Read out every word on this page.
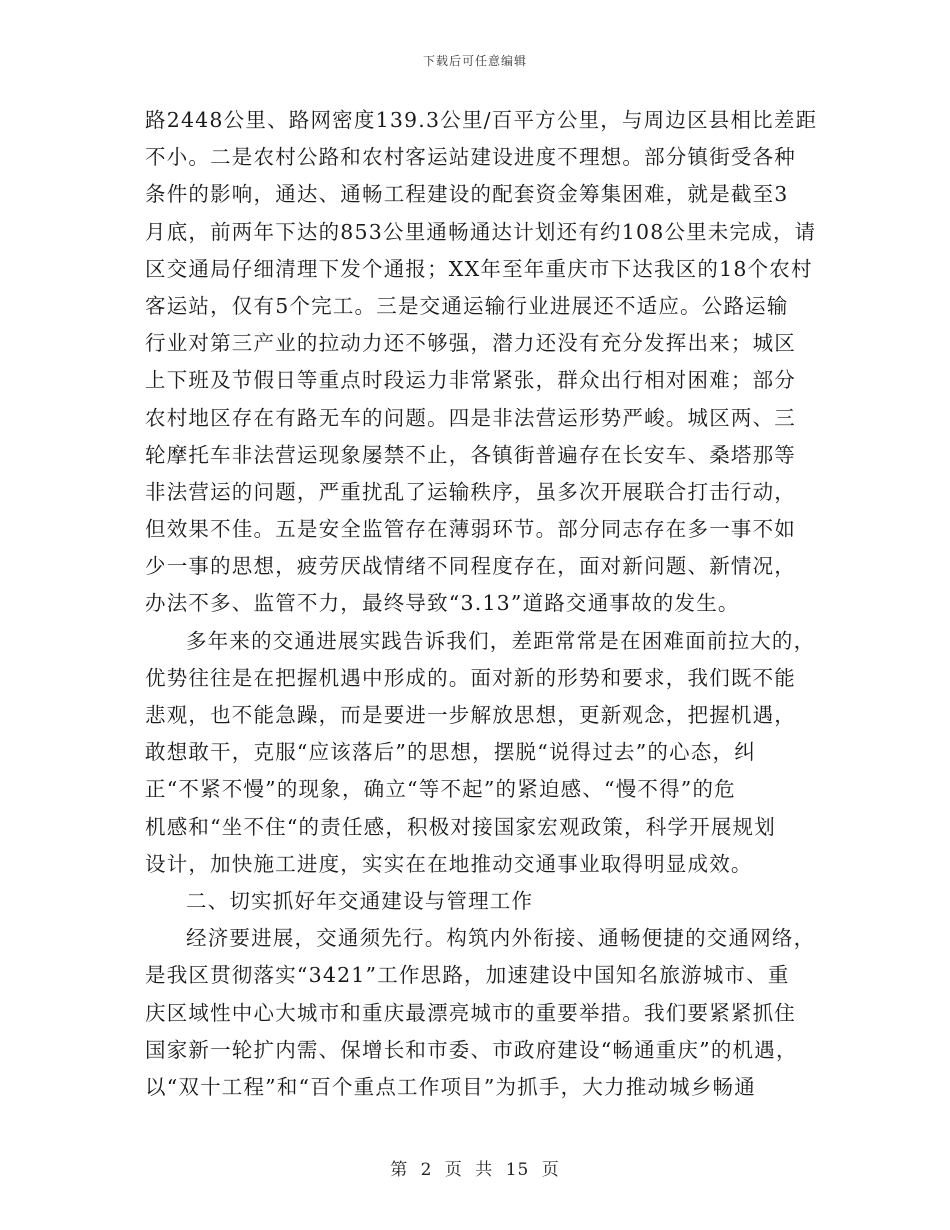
下载后可任意编辑
路2448公里、路网密度139.3公里/百平方公里，与周边区县相比差距
不小。二是农村公路和农村客运站建设进度不理想。部分镇街受各种
条件的影响，通达、通畅工程建设的配套资金筹集困难，就是截至3
月底，前两年下达的853公里通畅通达计划还有约108公里未完成，请
区交通局仔细清理下发个通报；XX年至年重庆市下达我区的18个农村
客运站，仅有5个完工。三是交通运输行业进展还不适应。公路运输
行业对第三产业的拉动力还不够强，潜力还没有充分发挥出来；城区
上下班及节假日等重点时段运力非常紧张，群众出行相对困难；部分
农村地区存在有路无车的问题。四是非法营运形势严峻。城区两、三
轮摩托车非法营运现象屡禁不止，各镇街普遍存在长安车、桑塔那等
非法营运的问题，严重扰乱了运输秩序，虽多次开展联合打击行动，
但效果不佳。五是安全监管存在薄弱环节。部分同志存在多一事不如
少一事的思想，疲劳厌战情绪不同程度存在，面对新问题、新情况，
办法不多、监管不力，最终导致“3.13”道路交通事故的发生。
多年来的交通进展实践告诉我们，差距常常是在困难面前拉大的，
优势往往是在把握机遇中形成的。面对新的形势和要求，我们既不能
悲观，也不能急躁，而是要进一步解放思想，更新观念，把握机遇，
敢想敢干，克服“应该落后”的思想，摆脱“说得过去”的心态，纠
正“不紧不慢”的现象，确立“等不起”的紧迫感、“慢不得”的危
机感和“坐不住“的责任感，积极对接国家宏观政策，科学开展规划
设计，加快施工进度，实实在在地推动交通事业取得明显成效。
二、切实抓好年交通建设与管理工作
经济要进展，交通须先行。构筑内外衔接、通畅便捷的交通网络，
是我区贯彻落实“3421”工作思路，加速建设中国知名旅游城市、重
庆区域性中心大城市和重庆最漂亮城市的重要举措。我们要紧紧抓住
国家新一轮扩内需、保增长和市委、市政府建设“畅通重庆”的机遇，
以“双十工程”和“百个重点工作项目”为抓手，大力推动城乡畅通
第 2 页 共 15 页
